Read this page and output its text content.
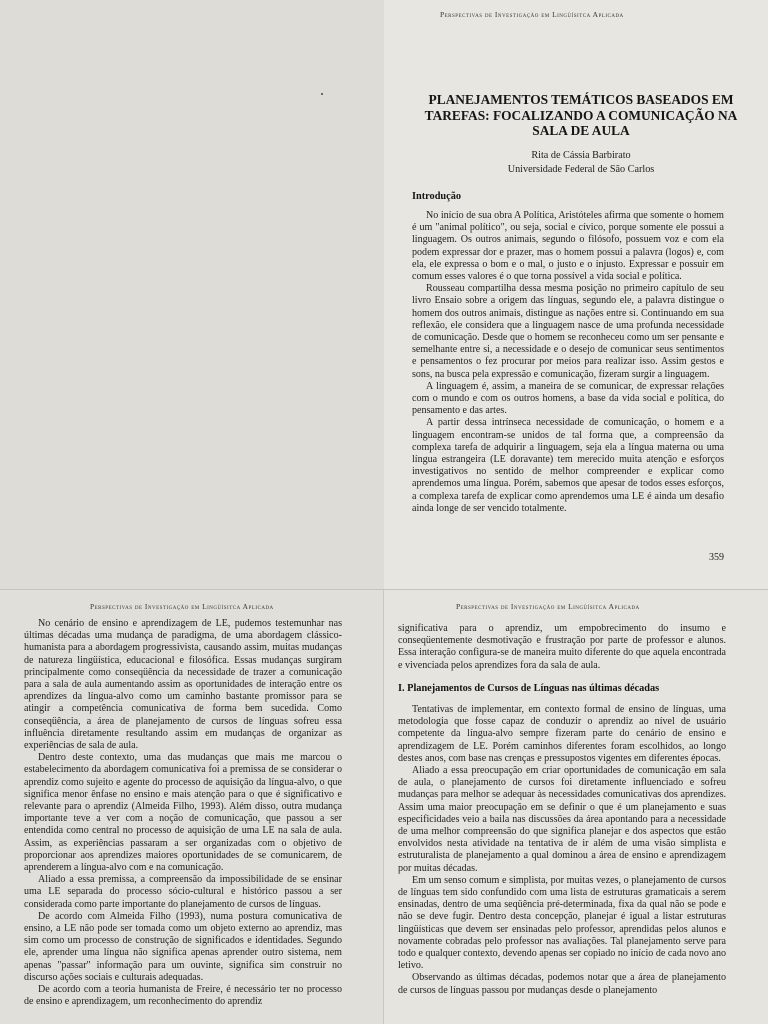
Perspectivas de Investigação em Lingüísitca Aplicada
PLANEJAMENTOS TEMÁTICOS BASEADOS EM TAREFAS: FOCALIZANDO A COMUNICAÇÃO NA SALA DE AULA
Rita de Cássia Barbirato
Universidade Federal de São Carlos
Introdução

No início de sua obra A Política, Aristóteles afirma que somente o homem é um "animal político", ou seja, social e cívico, porque somente ele possui a linguagem. Os outros animais, segundo o filósofo, possuem voz e com ela podem expressar dor e prazer, mas o homem possui a palavra (logos) e, com ela, ele expressa o bom e o mal, o justo e o injusto. Expressar e possuir em comum esses valores é o que torna possível a vida social e política.

Rousseau compartilha dessa mesma posição no primeiro capítulo de seu livro Ensaio sobre a origem das línguas, segundo ele, a palavra distingue o homem dos outros animais, distingue as nações entre si. Continuando em sua reflexão, ele considera que a linguagem nasce de uma profunda necessidade de comunicação. Desde que o homem se reconheceu como um ser pensante e semelhante entre si, a necessidade e o desejo de comunicar seus sentimentos e pensamentos o fez procurar por meios para realizar isso. Assim gestos e sons, na busca pela expressão e comunicação, fizeram surgir a linguagem.

A linguagem é, assim, a maneira de se comunicar, de expressar relações com o mundo e com os outros homens, a base da vida social e política, do pensamento e das artes.

A partir dessa intrínseca necessidade de comunicação, o homem e a linguagem encontram-se unidos de tal forma que, a compreensão da complexa tarefa de adquirir a linguagem, seja ela a língua materna ou uma língua estrangeira (LE doravante) tem merecido muita atenção e esforços investigativos no sentido de melhor compreender e explicar como aprendemos uma língua. Porém, sabemos que apesar de todos esses esforços, a complexa tarefa de explicar como aprendemos uma LE é ainda um desafio ainda longe de ser vencido totalmente.

359
Perspectivas de Investigação em Lingüísitca Aplicada

No cenário de ensino e aprendizagem de LE, pudemos testemunhar nas últimas décadas uma mudança de paradigma, de uma abordagem clássico-humanista para a abordagem progressivista, causando assim, muitas mudanças de natureza lingüística, educacional e filosófica. Essas mudanças surgiram principalmente como conseqüência da necessidade de trazer a comunicação para a sala de aula aumentando assim as oportunidades de interação entre os aprendizes da língua-alvo como um caminho bastante promissor para se atingir a competência comunicativa de forma bem sucedida. Como conseqüência, a área de planejamento de cursos de línguas sofreu essa influência diretamente resultando assim em mudanças de organizar as experiências de sala de aula.

Dentro deste contexto, uma das mudanças que mais me marcou o estabelecimento da abordagem comunicativa foi a premissa de se considerar o aprendiz como sujeito e agente do processo de aquisição da língua-alvo, o que significa menor ênfase no ensino e mais atenção para o que é significativo e relevante para o aprendiz (Almeida Filho, 1993). Além disso, outra mudança importante teve a ver com a noção de comunicação, que passou a ser entendida como central no processo de aquisição de uma LE na sala de aula. Assim, as experiências passaram a ser organizadas com o objetivo de proporcionar aos aprendizes maiores oportunidades de se comunicarem, de aprenderem a língua-alvo com e na comunicação.

Aliado a essa premissa, a compreensão da impossibilidade de se ensinar uma LE separada do processo sócio-cultural e histórico passou a ser considerada como parte importante do planejamento de cursos de línguas.

De acordo com Almeida Filho (1993), numa postura comunicativa de ensino, a LE não pode ser tomada como um objeto externo ao aprendiz, mas sim como um processo de construção de significados e identidades. Segundo ele, aprender uma língua não significa apenas aprender outro sistema, nem apenas "passar" informação para um ouvinte, significa sim construir no discurso ações sociais e culturais adequadas.

De acordo com a teoria humanista de Freire, é necessário ter no processo de ensino e aprendizagem, um reconhecimento do aprendiz

Perspectivas de Investigação em Lingüísitca Aplicada

significativa para o aprendiz, um empobrecimento do insumo e conseqüentemente desmotivação e frustração por parte de professor e alunos. Essa interação configura-se de maneira muito diferente do que aquela encontrada e vivenciada pelos aprendizes fora da sala de aula.

I. Planejamentos de Cursos de Línguas nas últimas décadas

Tentativas de implementar, em contexto formal de ensino de línguas, uma metodologia que fosse capaz de conduzir o aprendiz ao nível de usuário competente da língua-alvo sempre fizeram parte do cenário de ensino e aprendizagem de LE. Porém caminhos diferentes foram escolhidos, ao longo destes anos, com base nas crenças e pressupostos vigentes em diferentes épocas.

Aliado a essa preocupação em criar oportunidades de comunicação em sala de aula, o planejamento de cursos foi diretamente influenciado e sofreu mudanças para melhor se adequar às necessidades comunicativas dos aprendizes. Assim uma maior preocupação em se definir o que é um planejamento e suas especificidades veio a baila nas discussões da área apontando para a necessidade de uma melhor compreensão do que significa planejar e dos aspectos que estão envolvidos nesta atividade na tentativa de ir além de uma visão simplista e estruturalista de planejamento a qual dominou a área de ensino e aprendizagem por muitas décadas.

Em um senso comum e simplista, por muitas vezes, o planejamento de cursos de línguas tem sido confundido com uma lista de estruturas gramaticais a serem ensinadas, dentro de uma seqüência pré-determinada, fixa da qual não se pode e não se deve fugir. Dentro desta concepção, planejar é igual a listar estruturas lingüísticas que devem ser ensinadas pelo professor, aprendidas pelos alunos e novamente cobradas pelo professor nas avaliações. Tal planejamento serve para todo e qualquer contexto, devendo apenas ser copiado no início de cada novo ano letivo.

Observando as últimas décadas, podemos notar que a área de planejamento de cursos de línguas passou por mudanças desde o planejamento
